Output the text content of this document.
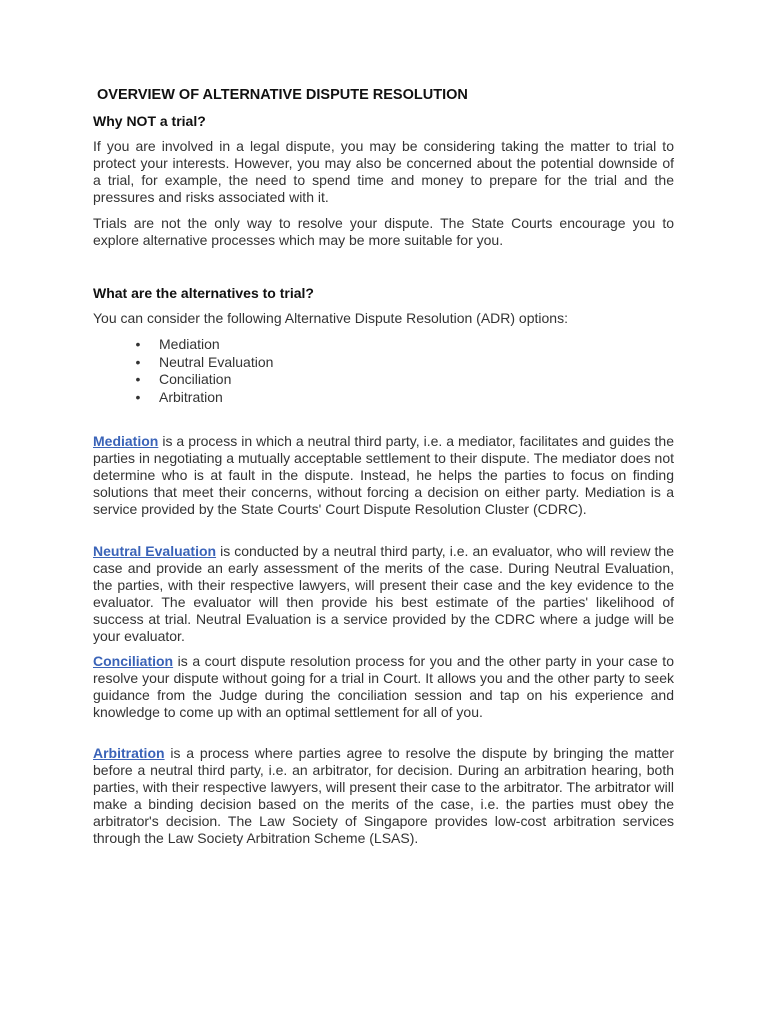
OVERVIEW OF ALTERNATIVE DISPUTE RESOLUTION
Why NOT a trial?
If you are involved in a legal dispute, you may be considering taking the matter to trial to protect your interests. However, you may also be concerned about the potential downside of a trial, for example, the need to spend time and money to prepare for the trial and the pressures and risks associated with it.
Trials are not the only way to resolve your dispute. The State Courts encourage you to explore alternative processes which may be more suitable for you.
What are the alternatives to trial?
You can consider the following Alternative Dispute Resolution (ADR) options:
• Mediation
• Neutral Evaluation
• Conciliation
• Arbitration
Mediation is a process in which a neutral third party, i.e. a mediator, facilitates and guides the parties in negotiating a mutually acceptable settlement to their dispute. The mediator does not determine who is at fault in the dispute. Instead, he helps the parties to focus on finding solutions that meet their concerns, without forcing a decision on either party. Mediation is a service provided by the State Courts' Court Dispute Resolution Cluster (CDRC).
Neutral Evaluation is conducted by a neutral third party, i.e. an evaluator, who will review the case and provide an early assessment of the merits of the case. During Neutral Evaluation, the parties, with their respective lawyers, will present their case and the key evidence to the evaluator. The evaluator will then provide his best estimate of the parties' likelihood of success at trial. Neutral Evaluation is a service provided by the CDRC where a judge will be your evaluator.
Conciliation is a court dispute resolution process for you and the other party in your case to resolve your dispute without going for a trial in Court. It allows you and the other party to seek guidance from the Judge during the conciliation session and tap on his experience and knowledge to come up with an optimal settlement for all of you.
Arbitration is a process where parties agree to resolve the dispute by bringing the matter before a neutral third party, i.e. an arbitrator, for decision. During an arbitration hearing, both parties, with their respective lawyers, will present their case to the arbitrator. The arbitrator will make a binding decision based on the merits of the case, i.e. the parties must obey the arbitrator's decision. The Law Society of Singapore provides low-cost arbitration services through the Law Society Arbitration Scheme (LSAS).
